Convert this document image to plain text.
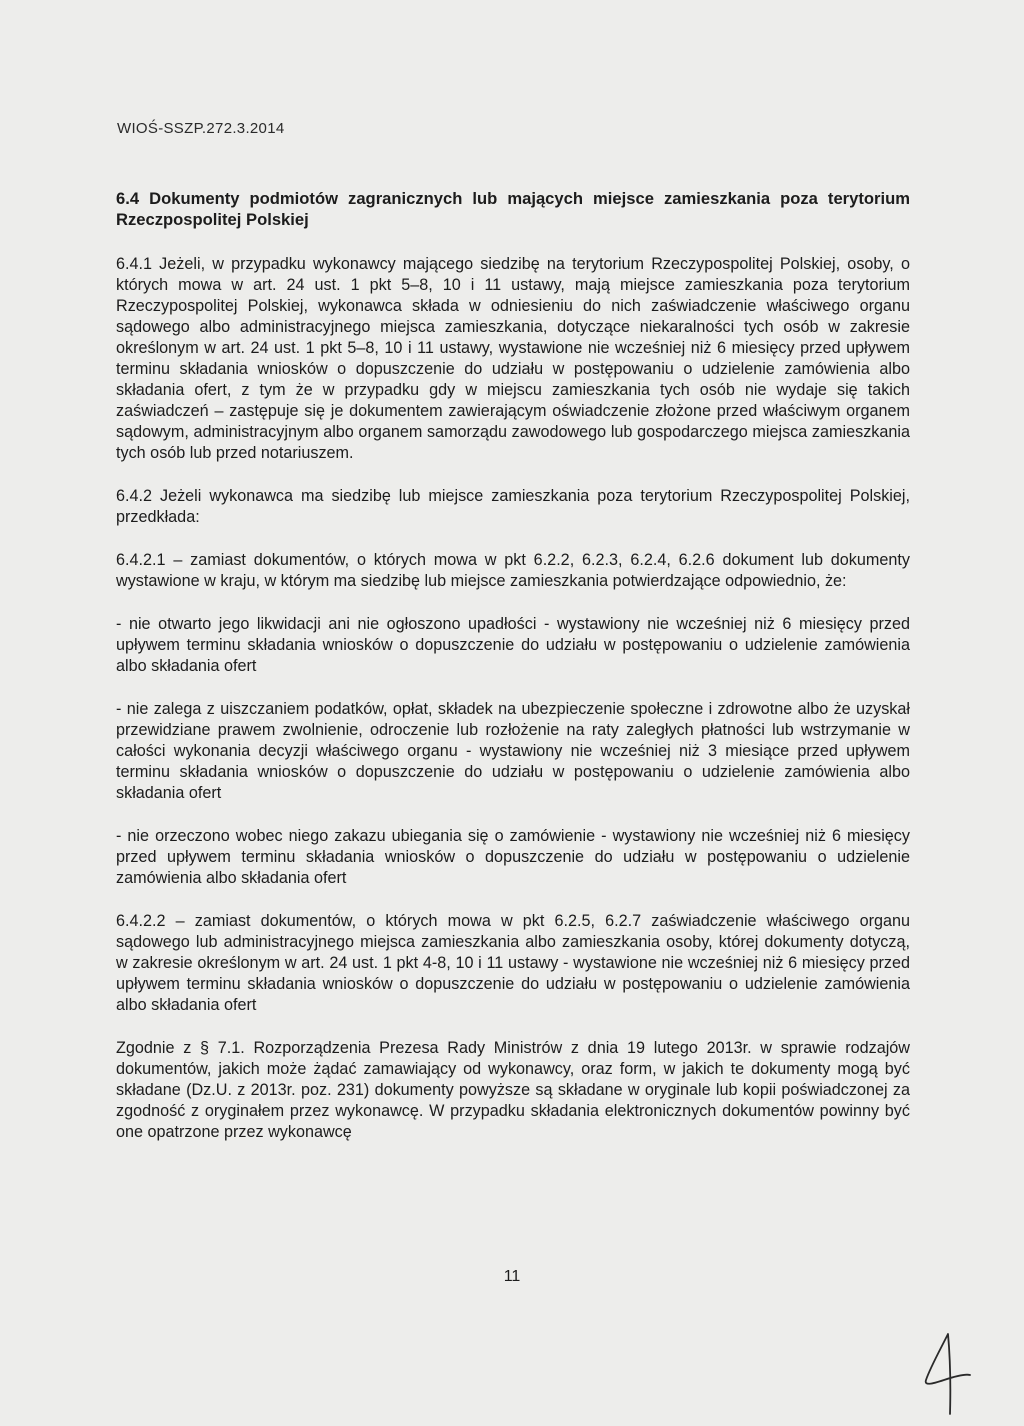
WIOŚ-SSZP.272.3.2014
6.4 Dokumenty podmiotów zagranicznych lub mających miejsce zamieszkania poza terytorium Rzeczpospolitej Polskiej

6.4.1 Jeżeli, w przypadku wykonawcy mającego siedzibę na terytorium Rzeczypospolitej Polskiej, osoby, o których mowa w art. 24 ust. 1 pkt 5–8, 10 i 11 ustawy, mają miejsce zamieszkania poza terytorium Rzeczypospolitej Polskiej, wykonawca składa w odniesieniu do nich zaświadczenie właściwego organu sądowego albo administracyjnego miejsca zamieszkania, dotyczące niekaralności tych osób w zakresie określonym w art. 24 ust. 1 pkt 5–8, 10 i 11 ustawy, wystawione nie wcześniej niż 6 miesięcy przed upływem terminu składania wniosków o dopuszczenie do udziału w postępowaniu o udzielenie zamówienia albo składania ofert, z tym że w przypadku gdy w miejscu zamieszkania tych osób nie wydaje się takich zaświadczeń – zastępuje się je dokumentem zawierającym oświadczenie złożone przed właściwym organem sądowym, administracyjnym albo organem samorządu zawodowego lub gospodarczego miejsca zamieszkania tych osób lub przed notariuszem.

6.4.2 Jeżeli wykonawca ma siedzibę lub miejsce zamieszkania poza terytorium Rzeczypospolitej Polskiej, przedkłada:

6.4.2.1 – zamiast dokumentów, o których mowa w pkt 6.2.2, 6.2.3, 6.2.4, 6.2.6 dokument lub dokumenty wystawione w kraju, w którym ma siedzibę lub miejsce zamieszkania potwierdzające odpowiednio, że:

- nie otwarto jego likwidacji ani nie ogłoszono upadłości - wystawiony nie wcześniej niż 6 miesięcy przed upływem terminu składania wniosków o dopuszczenie do udziału w postępowaniu o udzielenie zamówienia albo składania ofert

- nie zalega z uiszczaniem podatków, opłat, składek na ubezpieczenie społeczne i zdrowotne albo że uzyskał przewidziane prawem zwolnienie, odroczenie lub rozłożenie na raty zaległych płatności lub wstrzymanie w całości wykonania decyzji właściwego organu - wystawiony nie wcześniej niż 3 miesiące przed upływem terminu składania wniosków o dopuszczenie do udziału w postępowaniu o udzielenie zamówienia albo składania ofert

- nie orzeczono wobec niego zakazu ubiegania się o zamówienie - wystawiony nie wcześniej niż 6 miesięcy przed upływem terminu składania wniosków o dopuszczenie do udziału w postępowaniu o udzielenie zamówienia albo składania ofert

6.4.2.2 – zamiast dokumentów, o których mowa w pkt 6.2.5, 6.2.7 zaświadczenie właściwego organu sądowego lub administracyjnego miejsca zamieszkania albo zamieszkania osoby, której dokumenty dotyczą, w zakresie określonym w art. 24 ust. 1 pkt 4-8, 10 i 11 ustawy - wystawione nie wcześniej niż 6 miesięcy przed upływem terminu składania wniosków o dopuszczenie do udziału w postępowaniu o udzielenie zamówienia albo składania ofert

Zgodnie z § 7.1. Rozporządzenia Prezesa Rady Ministrów z dnia 19 lutego 2013r. w sprawie rodzajów dokumentów, jakich może żądać zamawiający od wykonawcy, oraz form, w jakich te dokumenty mogą być składane (Dz.U. z 2013r. poz. 231) dokumenty powyższe są składane w oryginale lub kopii poświadczonej za zgodność z oryginałem przez wykonawcę. W przypadku składania elektronicznych dokumentów powinny być one opatrzone przez wykonawcę

11
